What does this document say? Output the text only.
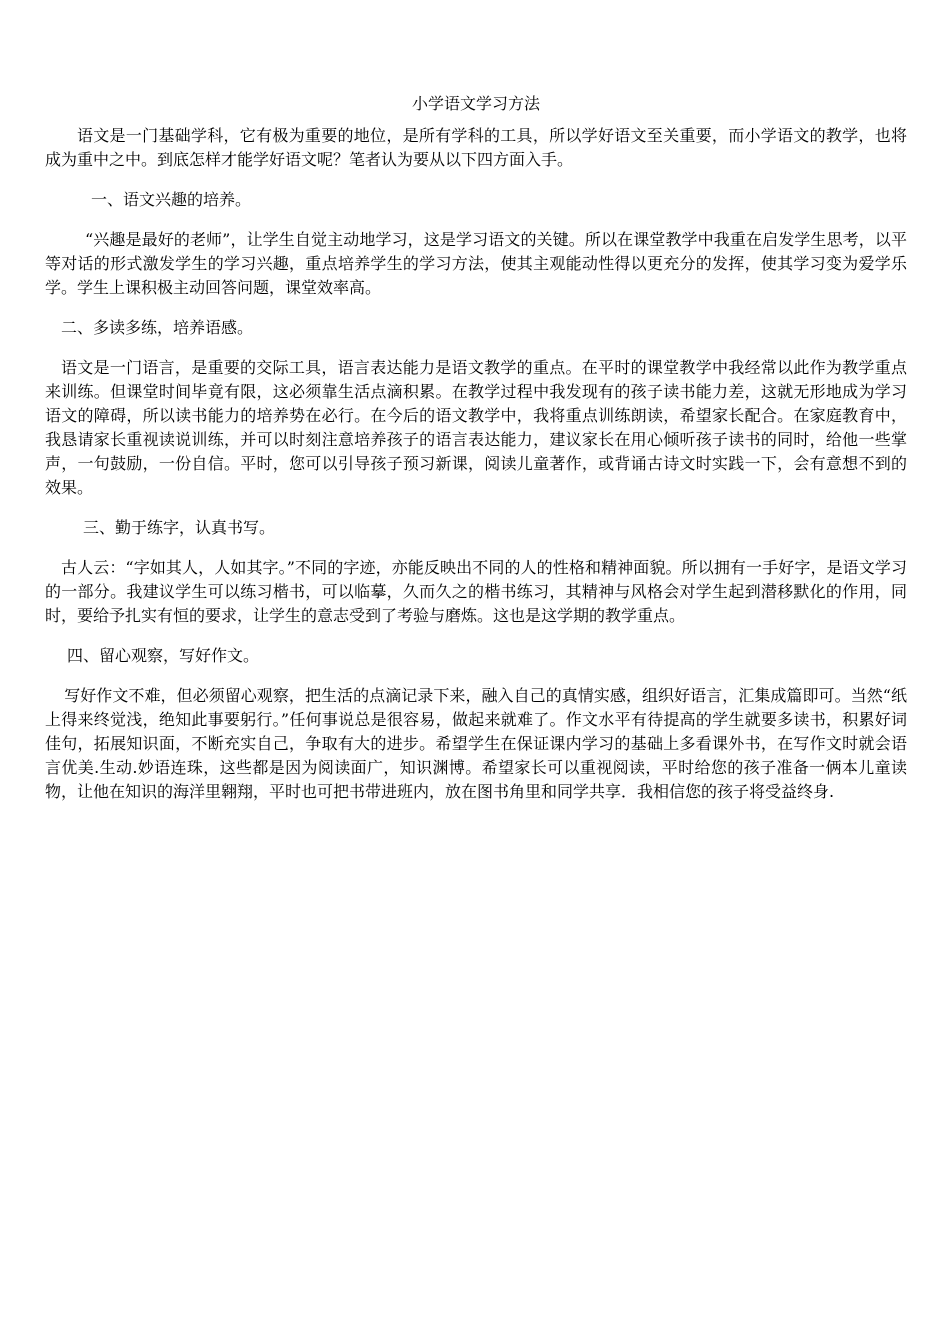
小学语文学习方法

语文是一门基础学科，它有极为重要的地位，是所有学科的工具，所以学好语文至关重要，而小学语文的教学，也将成为重中之中。到底怎样才能学好语文呢？笔者认为要从以下四方面入手。

一、语文兴趣的培养。

“兴趣是最好的老师”，让学生自觉主动地学习，这是学习语文的关键。所以在课堂教学中我重在启发学生思考，以平等对话的形式激发学生的学习兴趣，重点培养学生的学习方法，使其主观能动性得以更充分的发挥，使其学习变为爱学乐学。学生上课积极主动回答问题，课堂效率高。

二、多读多练，培养语感。

语文是一门语言，是重要的交际工具，语言表达能力是语文教学的重点。在平时的课堂教学中我经常以此作为教学重点来训练。但课堂时间毕竟有限，这必须靠生活点滴积累。在教学过程中我发现有的孩子读书能力差，这就无形地成为学习语文的障碍，所以读书能力的培养势在必行。在今后的语文教学中，我将重点训练朗读，希望家长配合。在家庭教育中，我恳请家长重视读说训练，并可以时刻注意培养孩子的语言表达能力，建议家长在用心倾听孩子读书的同时，给他一些掌声，一句鼓励，一份自信。平时，您可以引导孩子预习新课，阅读儿童著作，或背诵古诗文时实践一下，会有意想不到的效果。

三、勤于练字，认真书写。

古人云：“字如其人，人如其字。”不同的字迹，亦能反映出不同的人的性格和精神面貌。所以拥有一手好字，是语文学习的一部分。我建议学生可以练习楷书，可以临摹，久而久之的楷书练习，其精神与风格会对学生起到潜移默化的作用，同时，要给予扎实有恒的要求，让学生的意志受到了考验与磨炼。这也是这学期的教学重点。

四、留心观察，写好作文。

写好作文不难，但必须留心观察，把生活的点滴记录下来，融入自己的真情实感，组织好语言，汇集成篇即可。当然“纸上得来终觉浅，绝知此事要躬行。”任何事说总是很容易，做起来就难了。作文水平有待提高的学生就要多读书，积累好词佳句，拓展知识面，不断充实自己，争取有大的进步。希望学生在保证课内学习的基础上多看课外书，在写作文时就会语言优美.生动.妙语连珠，这些都是因为阅读面广，知识渊博。希望家长可以重视阅读，平时给您的孩子准备一俩本儿童读物，让他在知识的海洋里翱翔，平时也可把书带进班内，放在图书角里和同学共享．我相信您的孩子将受益终身.
